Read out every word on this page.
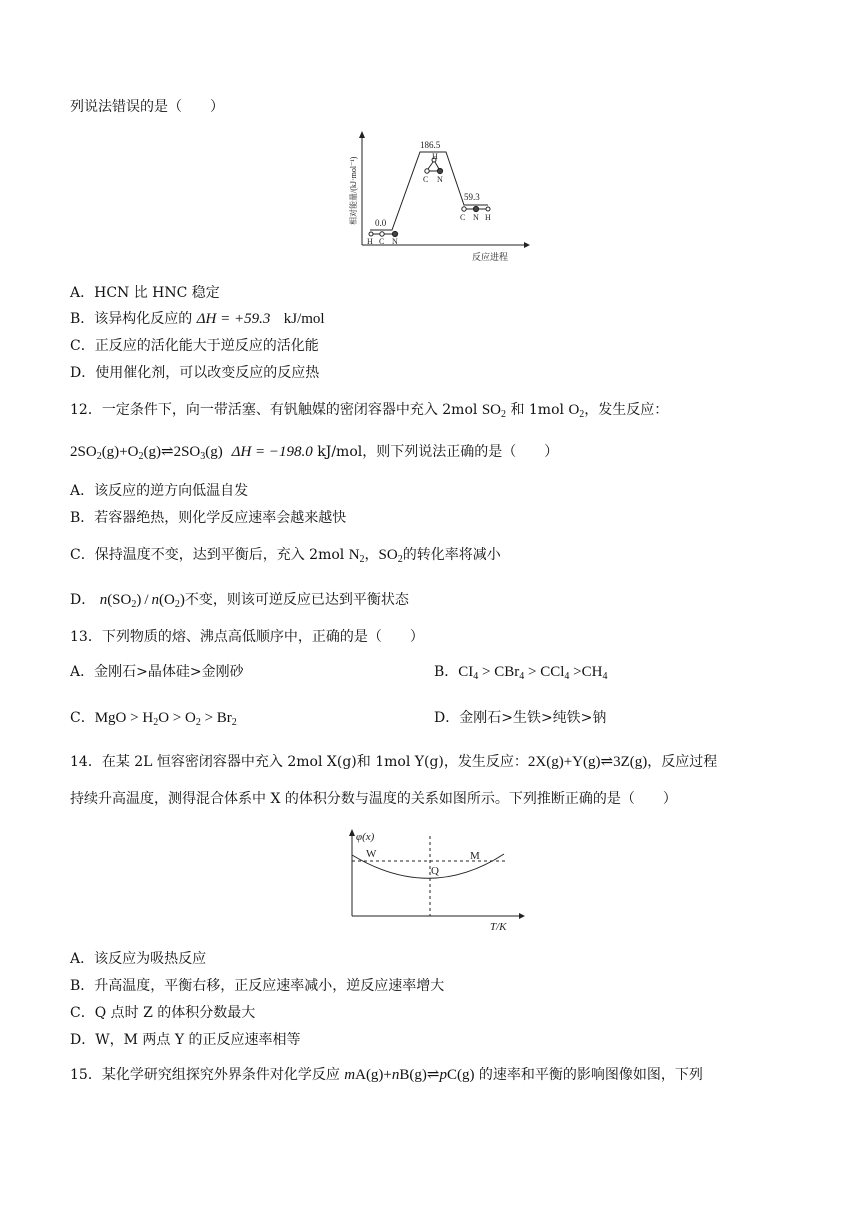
列说法错误的是（　　）
相对能量/(kJ·mol⁻¹)
反应进程
0.0
186.5
59.3
H C N
H
C N
C N H
A．HCN 比 HNC 稳定
B．该异构化反应的 ΔH = +59.3 kJ/mol
C．正反应的活化能大于逆反应的活化能
D．使用催化剂，可以改变反应的反应热
12．一定条件下，向一带活塞、有钒触媒的密闭容器中充入 2mol $SO_2$ 和 1mol $O_2$，发生反应：
$2SO_2(g)+O_2(g)\rightleftharpoons 2SO_3(g) \Delta H = -198.0$ kJ/mol，则下列说法正确的是（　　）
A．该反应的逆方向低温自发
B．若容器绝热，则化学反应速率会越来越快
C．保持温度不变，达到平衡后，充入 2mol $N_2$，$SO_2$的转化率将减小
D． $n(SO_2) / n(O_2)$不变，则该可逆反应已达到平衡状态
13．下列物质的熔、沸点高低顺序中，正确的是（　　）
A．金刚石>晶体硅>金刚砂	B．$CI_4 > CBr_4 > CCl_4 >CH_4$
C．MgO > $H_2O > O_2 > Br_2$	D．金刚石>生铁>纯铁>钠
14．在某 2L 恒容密闭容器中充入 2mol X(g)和 1mol Y(g)，发生反应：2X(g)+Y(g)⇌3Z(g)，反应过程
持续升高温度，测得混合体系中 X 的体积分数与温度的关系如图所示。下列推断正确的是（　　）
φ(x)
T/K
W
Q
M
A．该反应为吸热反应
B．升高温度，平衡右移，正反应速率减小，逆反应速率增大
C．Q 点时 Z 的体积分数最大
D．W，M 两点 Y 的正反应速率相等
15．某化学研究组探究外界条件对化学反应 mA(g)+nB(g)⇌pC(g) 的速率和平衡的影响图像如图，下列
